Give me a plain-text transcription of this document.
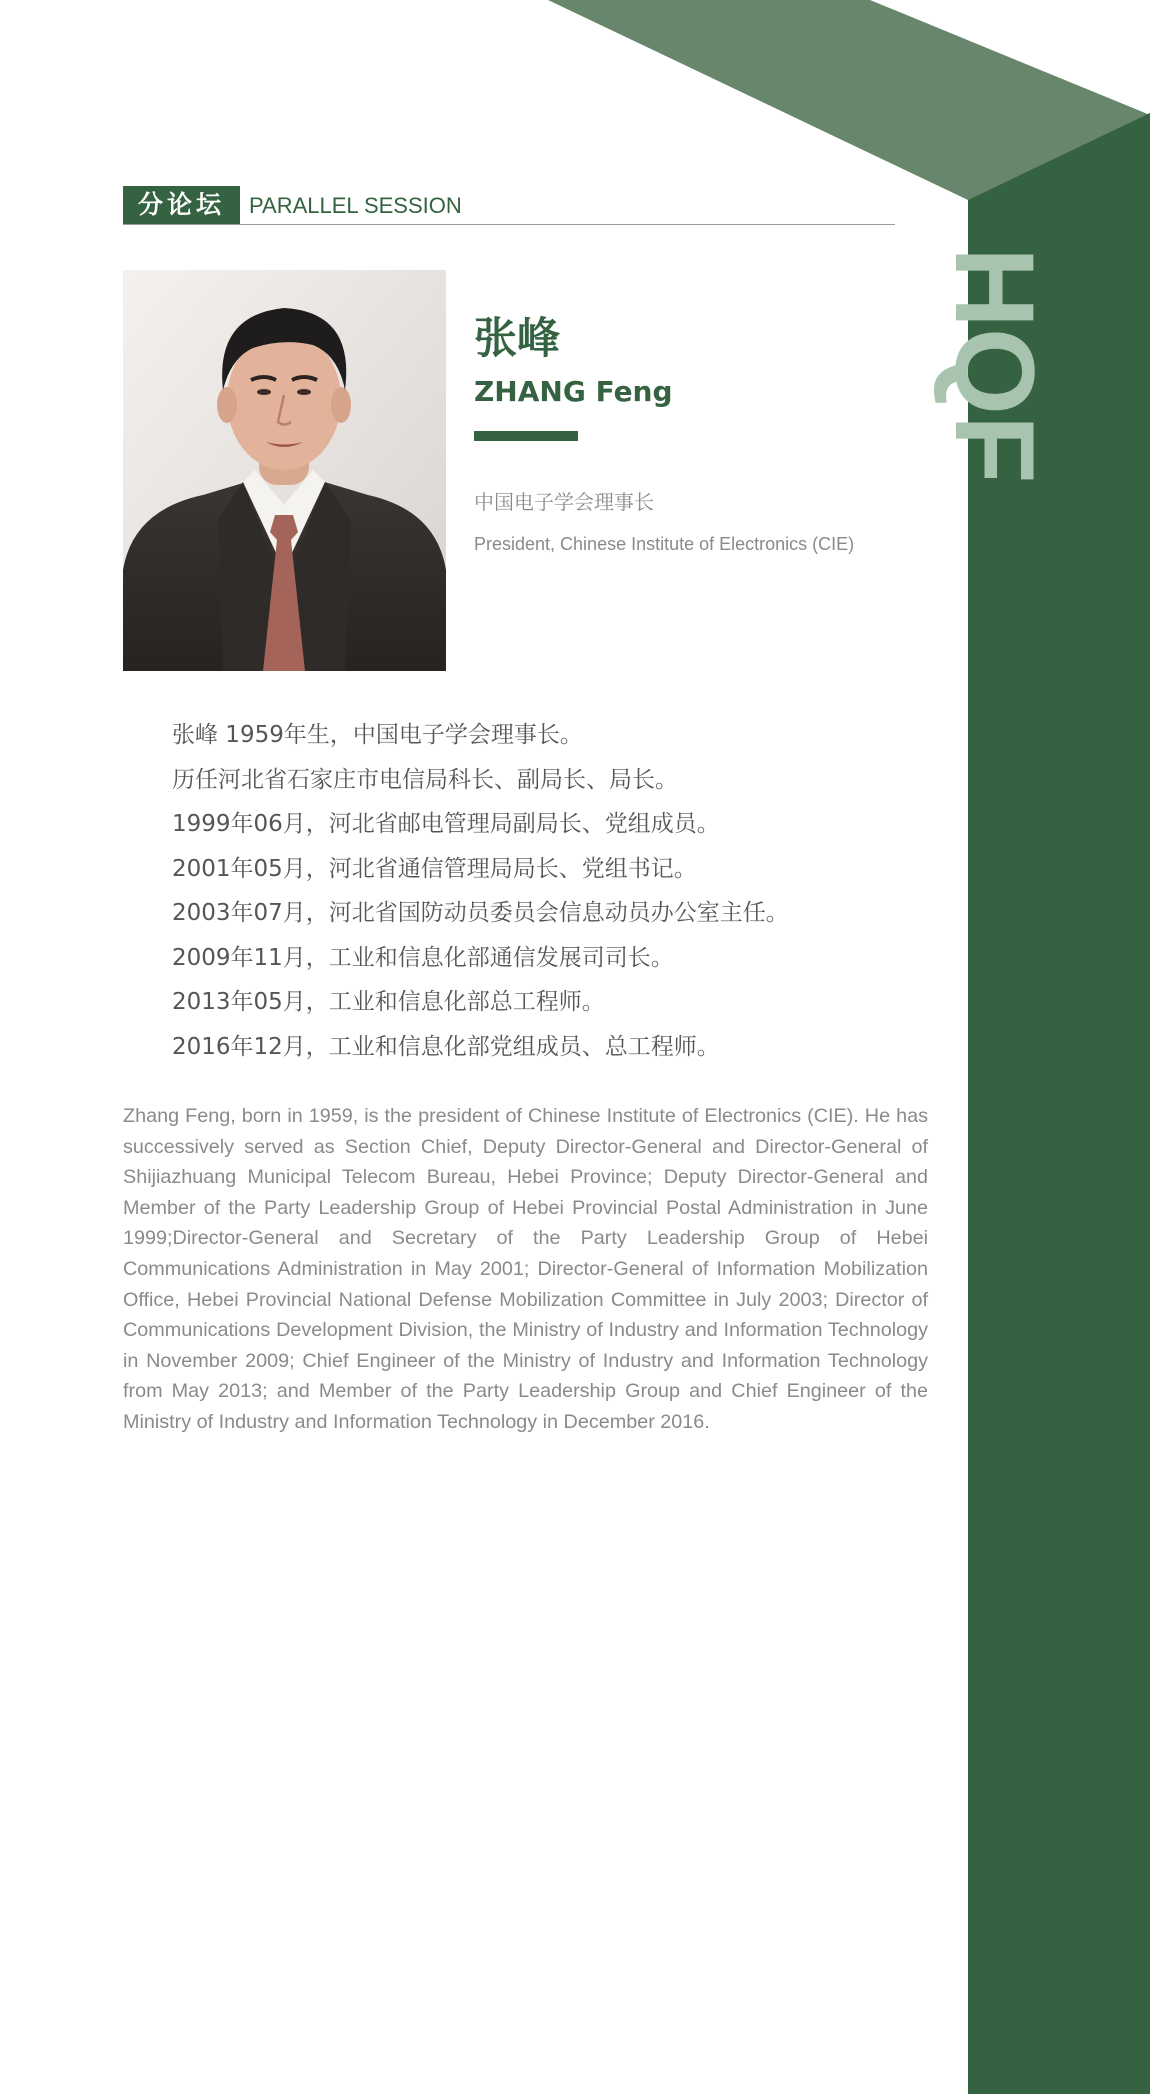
HQF
分论坛	PARALLEL SESSION
张峰
ZHANG Feng
中国电子学会理事长
President, Chinese Institute of Electronics (CIE)
张峰 1959年生，中国电子学会理事长。
历任河北省石家庄市电信局科长、副局长、局长。
1999年06月，河北省邮电管理局副局长、党组成员。
2001年05月，河北省通信管理局局长、党组书记。
2003年07月，河北省国防动员委员会信息动员办公室主任。
2009年11月，工业和信息化部通信发展司司长。
2013年05月，工业和信息化部总工程师。
2016年12月，工业和信息化部党组成员、总工程师。

Zhang Feng, born in 1959, is the president of Chinese Institute of Electronics (CIE). He has successively served as Section Chief, Deputy Director-General and Director-General of Shijiazhuang Municipal Telecom Bureau, Hebei Province; Deputy Director-General and Member of the Party Leadership Group of Hebei Provincial Postal Administration in June 1999;Director-General and Secretary of the Party Leadership Group of Hebei Communications Administration in May 2001; Director-General of Information Mobilization Office, Hebei Provincial National Defense Mobilization Committee in July 2003; Director of Communications Development Division, the Ministry of Industry and Information Technology in November 2009; Chief Engineer of the Ministry of Industry and Information Technology from May 2013; and Member of the Party Leadership Group and Chief Engineer of the Ministry of Industry and Information Technology in December 2016.
